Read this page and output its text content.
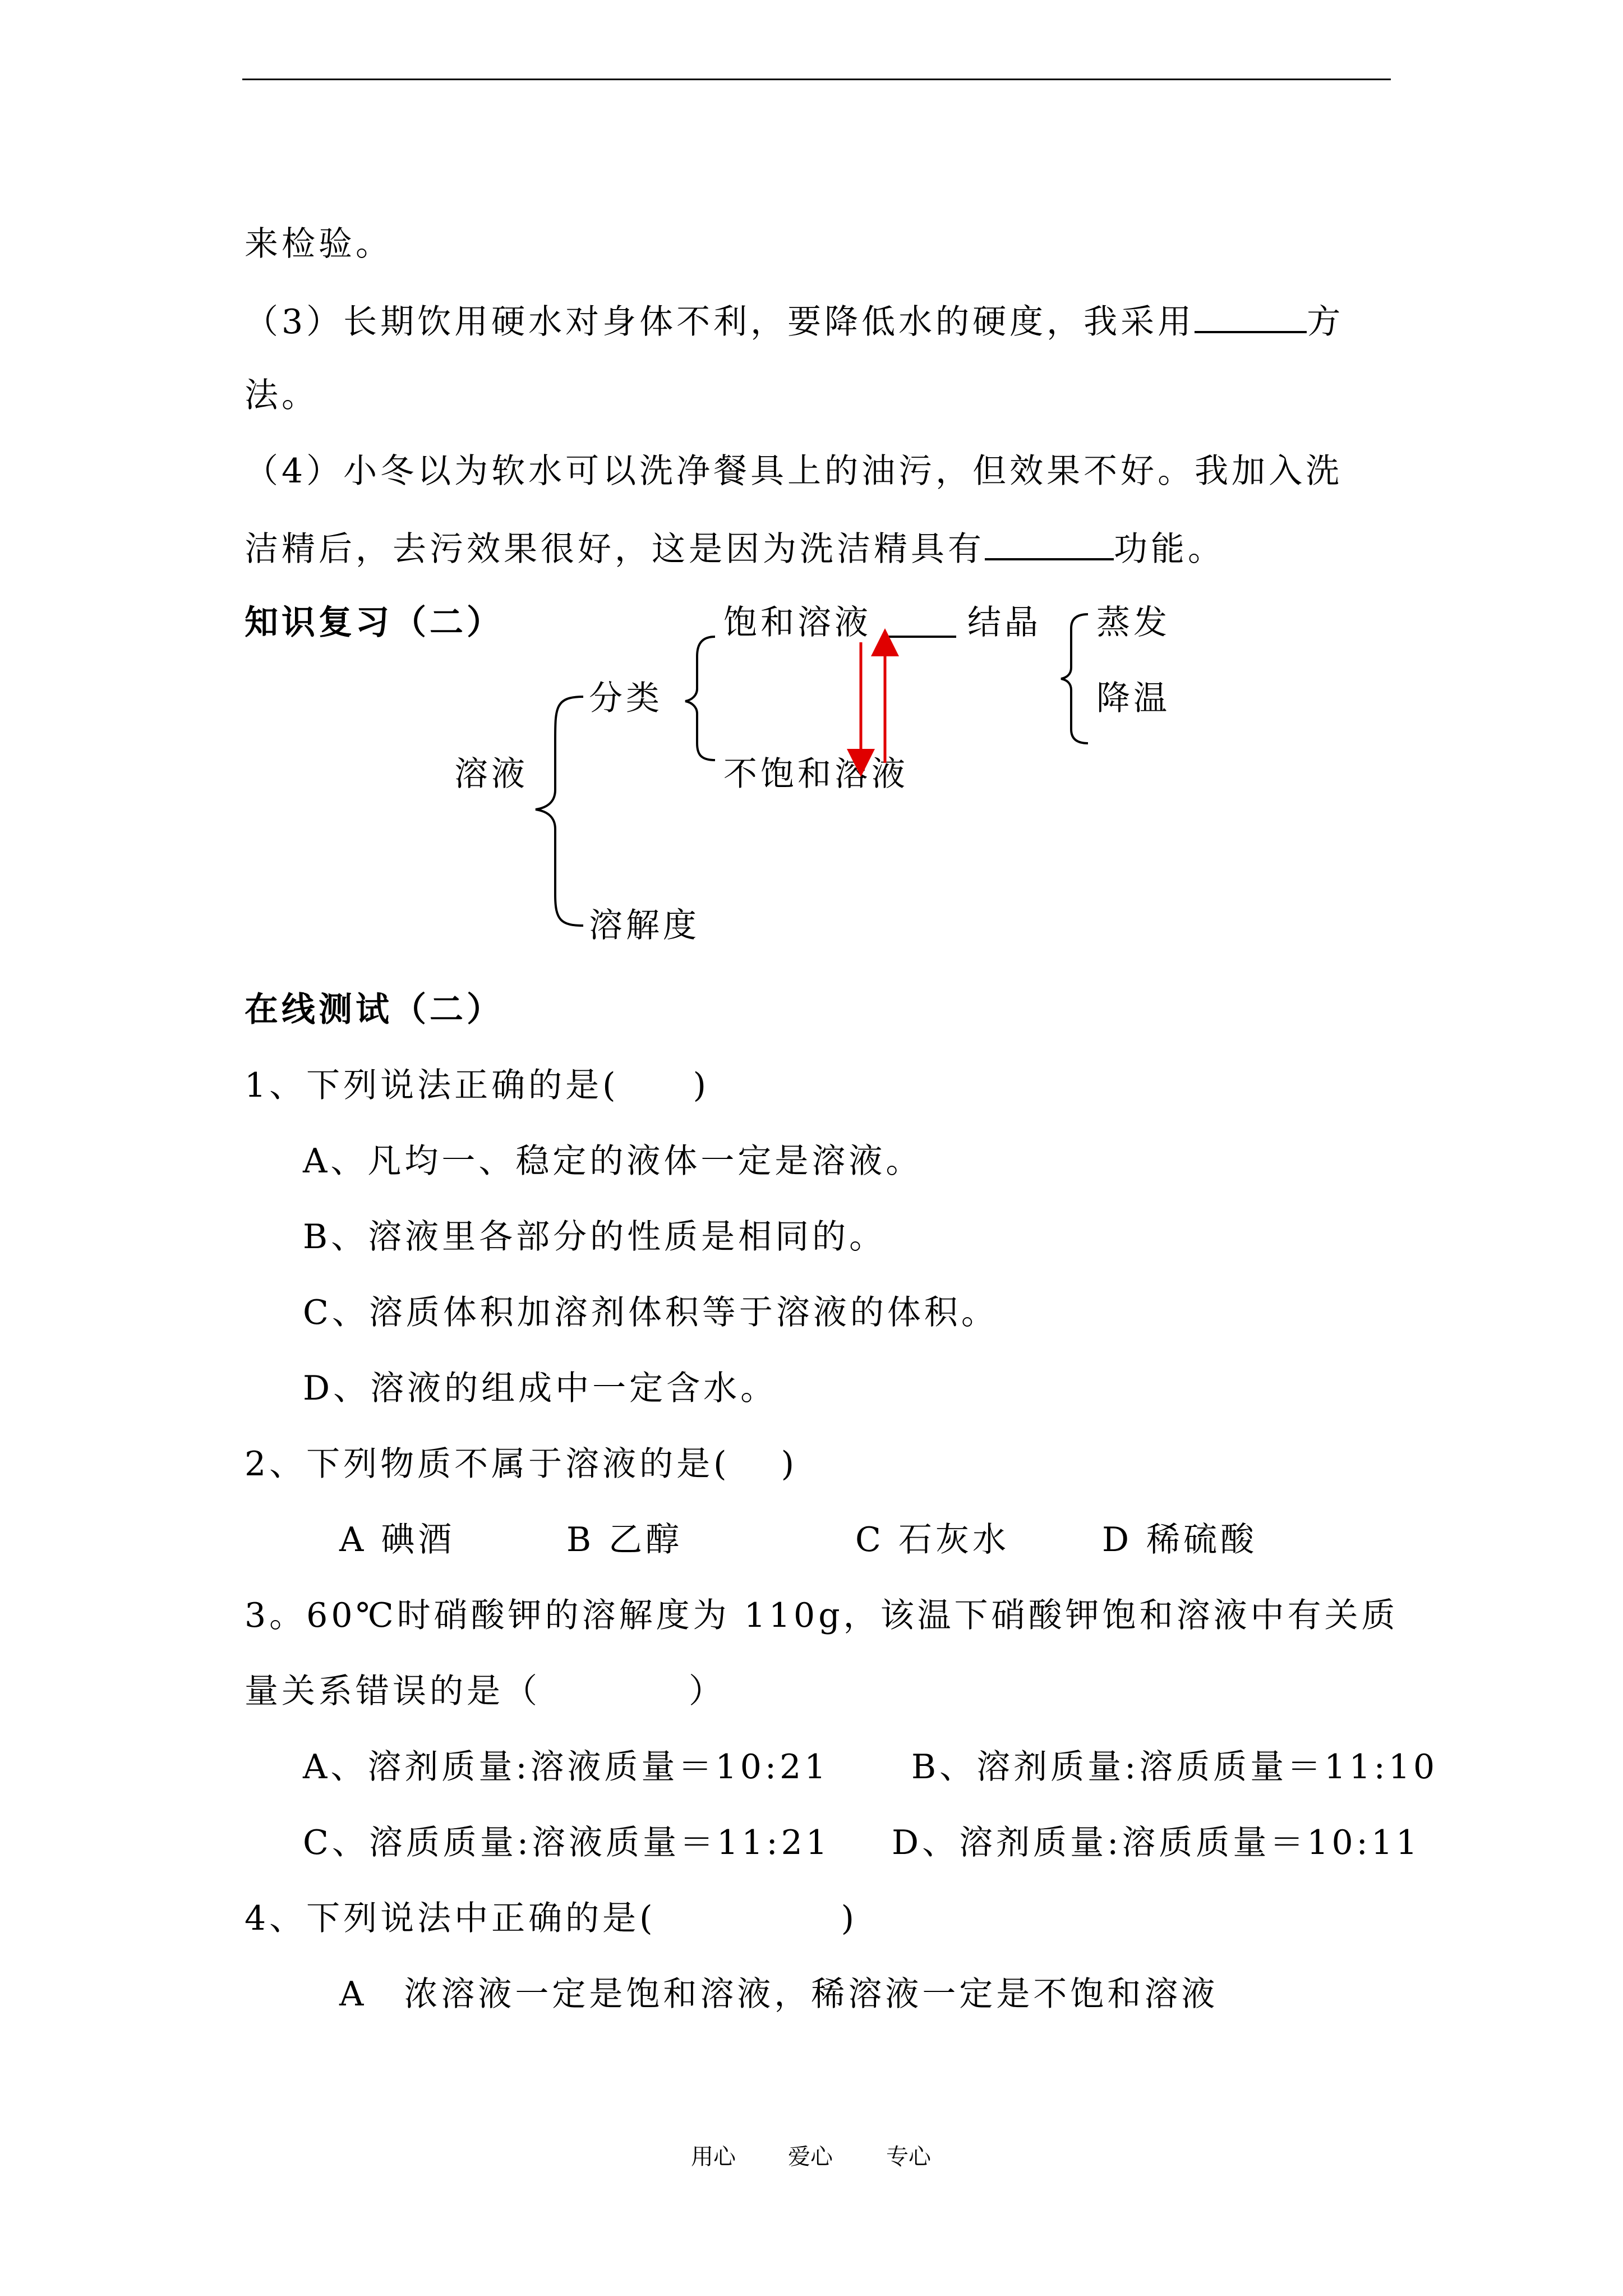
来检验。
（3）长期饮用硬水对身体不利，要降低水的硬度，我采用	方
法。
（4）小冬以为软水可以洗净餐具上的油污，但效果不好。我加入洗
洁精后，去污效果很好，这是因为洗洁精具有	功能。
知识复习（二）	饱和溶液	结晶 蒸发
分类	降温
溶液	不饱和溶液
溶解度
在线测试（二）
1、下列说法正确的是(　　)
A、凡均一、稳定的液体一定是溶液。
B、溶液里各部分的性质是相同的。
C、溶质体积加溶剂体积等于溶液的体积。
D、溶液的组成中一定含水。
2、下列物质不属于溶液的是(　 )
A 碘酒	B 乙醇	C 石灰水	D 稀硫酸
3。60℃时硝酸钾的溶解度为 110g，该温下硝酸钾饱和溶液中有关质
量关系错误的是（　　　　）
A、溶剂质量:溶液质量＝10:21 B、溶剂质量:溶质质量＝11:10
C、溶质质量:溶液质量＝11:21 D、溶剂质量:溶质质量＝10:11
4、下列说法中正确的是(　　　　　)
A　浓溶液一定是饱和溶液，稀溶液一定是不饱和溶液
用心 爱心 专心
